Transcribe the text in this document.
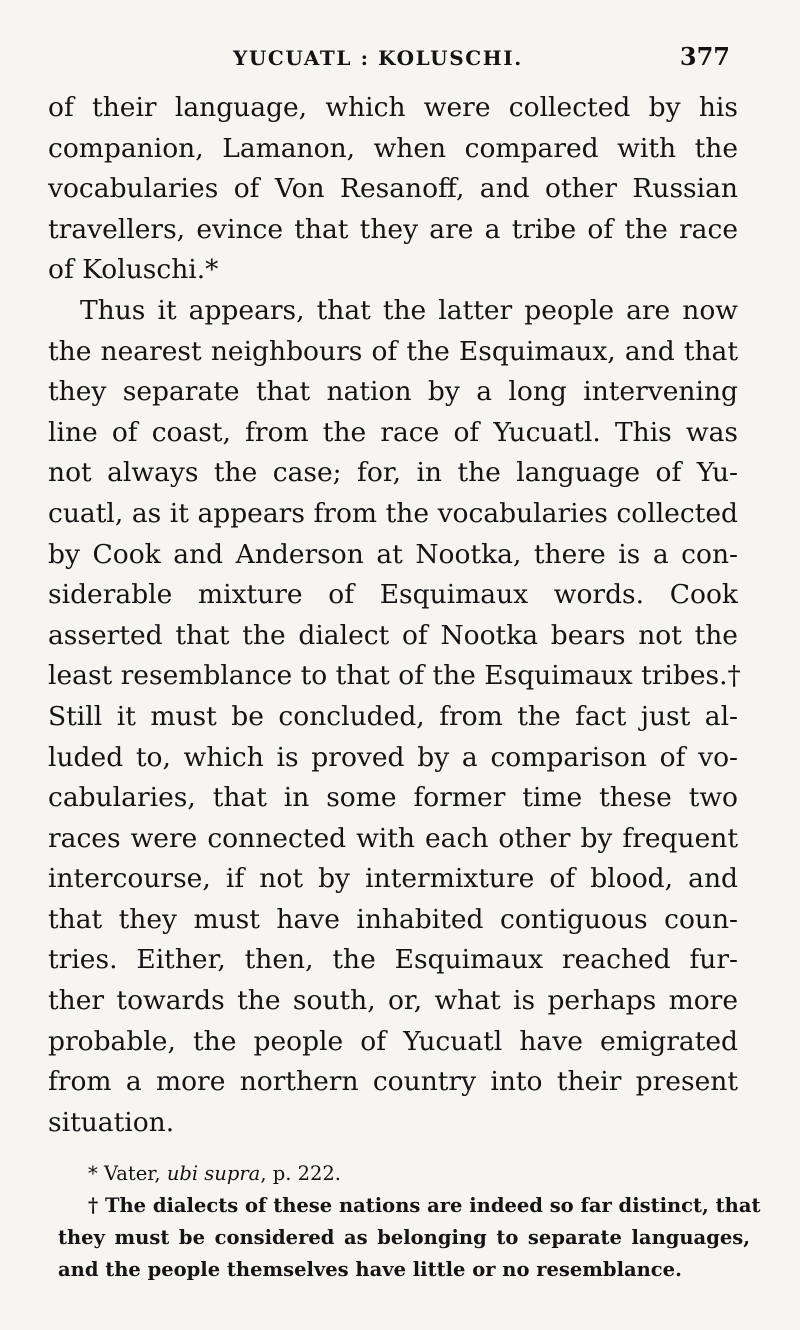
YUCUATL : KOLUSCHI.	377
of their language, which were collected by his
companion, Lamanon, when compared with the
vocabularies of Von Resanoff, and other Russian
travellers, evince that they are a tribe of the race
of Koluschi.*
Thus it appears, that the latter people are now
the nearest neighbours of the Esquimaux, and that
they separate that nation by a long intervening
line of coast, from the race of Yucuatl. This was
not always the case; for, in the language of Yu-
cuatl, as it appears from the vocabularies collected
by Cook and Anderson at Nootka, there is a con-
siderable mixture of Esquimaux words. Cook
asserted that the dialect of Nootka bears not the
least resemblance to that of the Esquimaux tribes.†
Still it must be concluded, from the fact just al-
luded to, which is proved by a comparison of vo-
cabularies, that in some former time these two
races were connected with each other by frequent
intercourse, if not by intermixture of blood, and
that they must have inhabited contiguous coun-
tries. Either, then, the Esquimaux reached fur-
ther towards the south, or, what is perhaps more
probable, the people of Yucuatl have emigrated
from a more northern country into their present
situation.
* Vater, ubi supra, p. 222.
† The dialects of these nations are indeed so far distinct, that
they must be considered as belonging to separate languages,
and the people themselves have little or no resemblance.
